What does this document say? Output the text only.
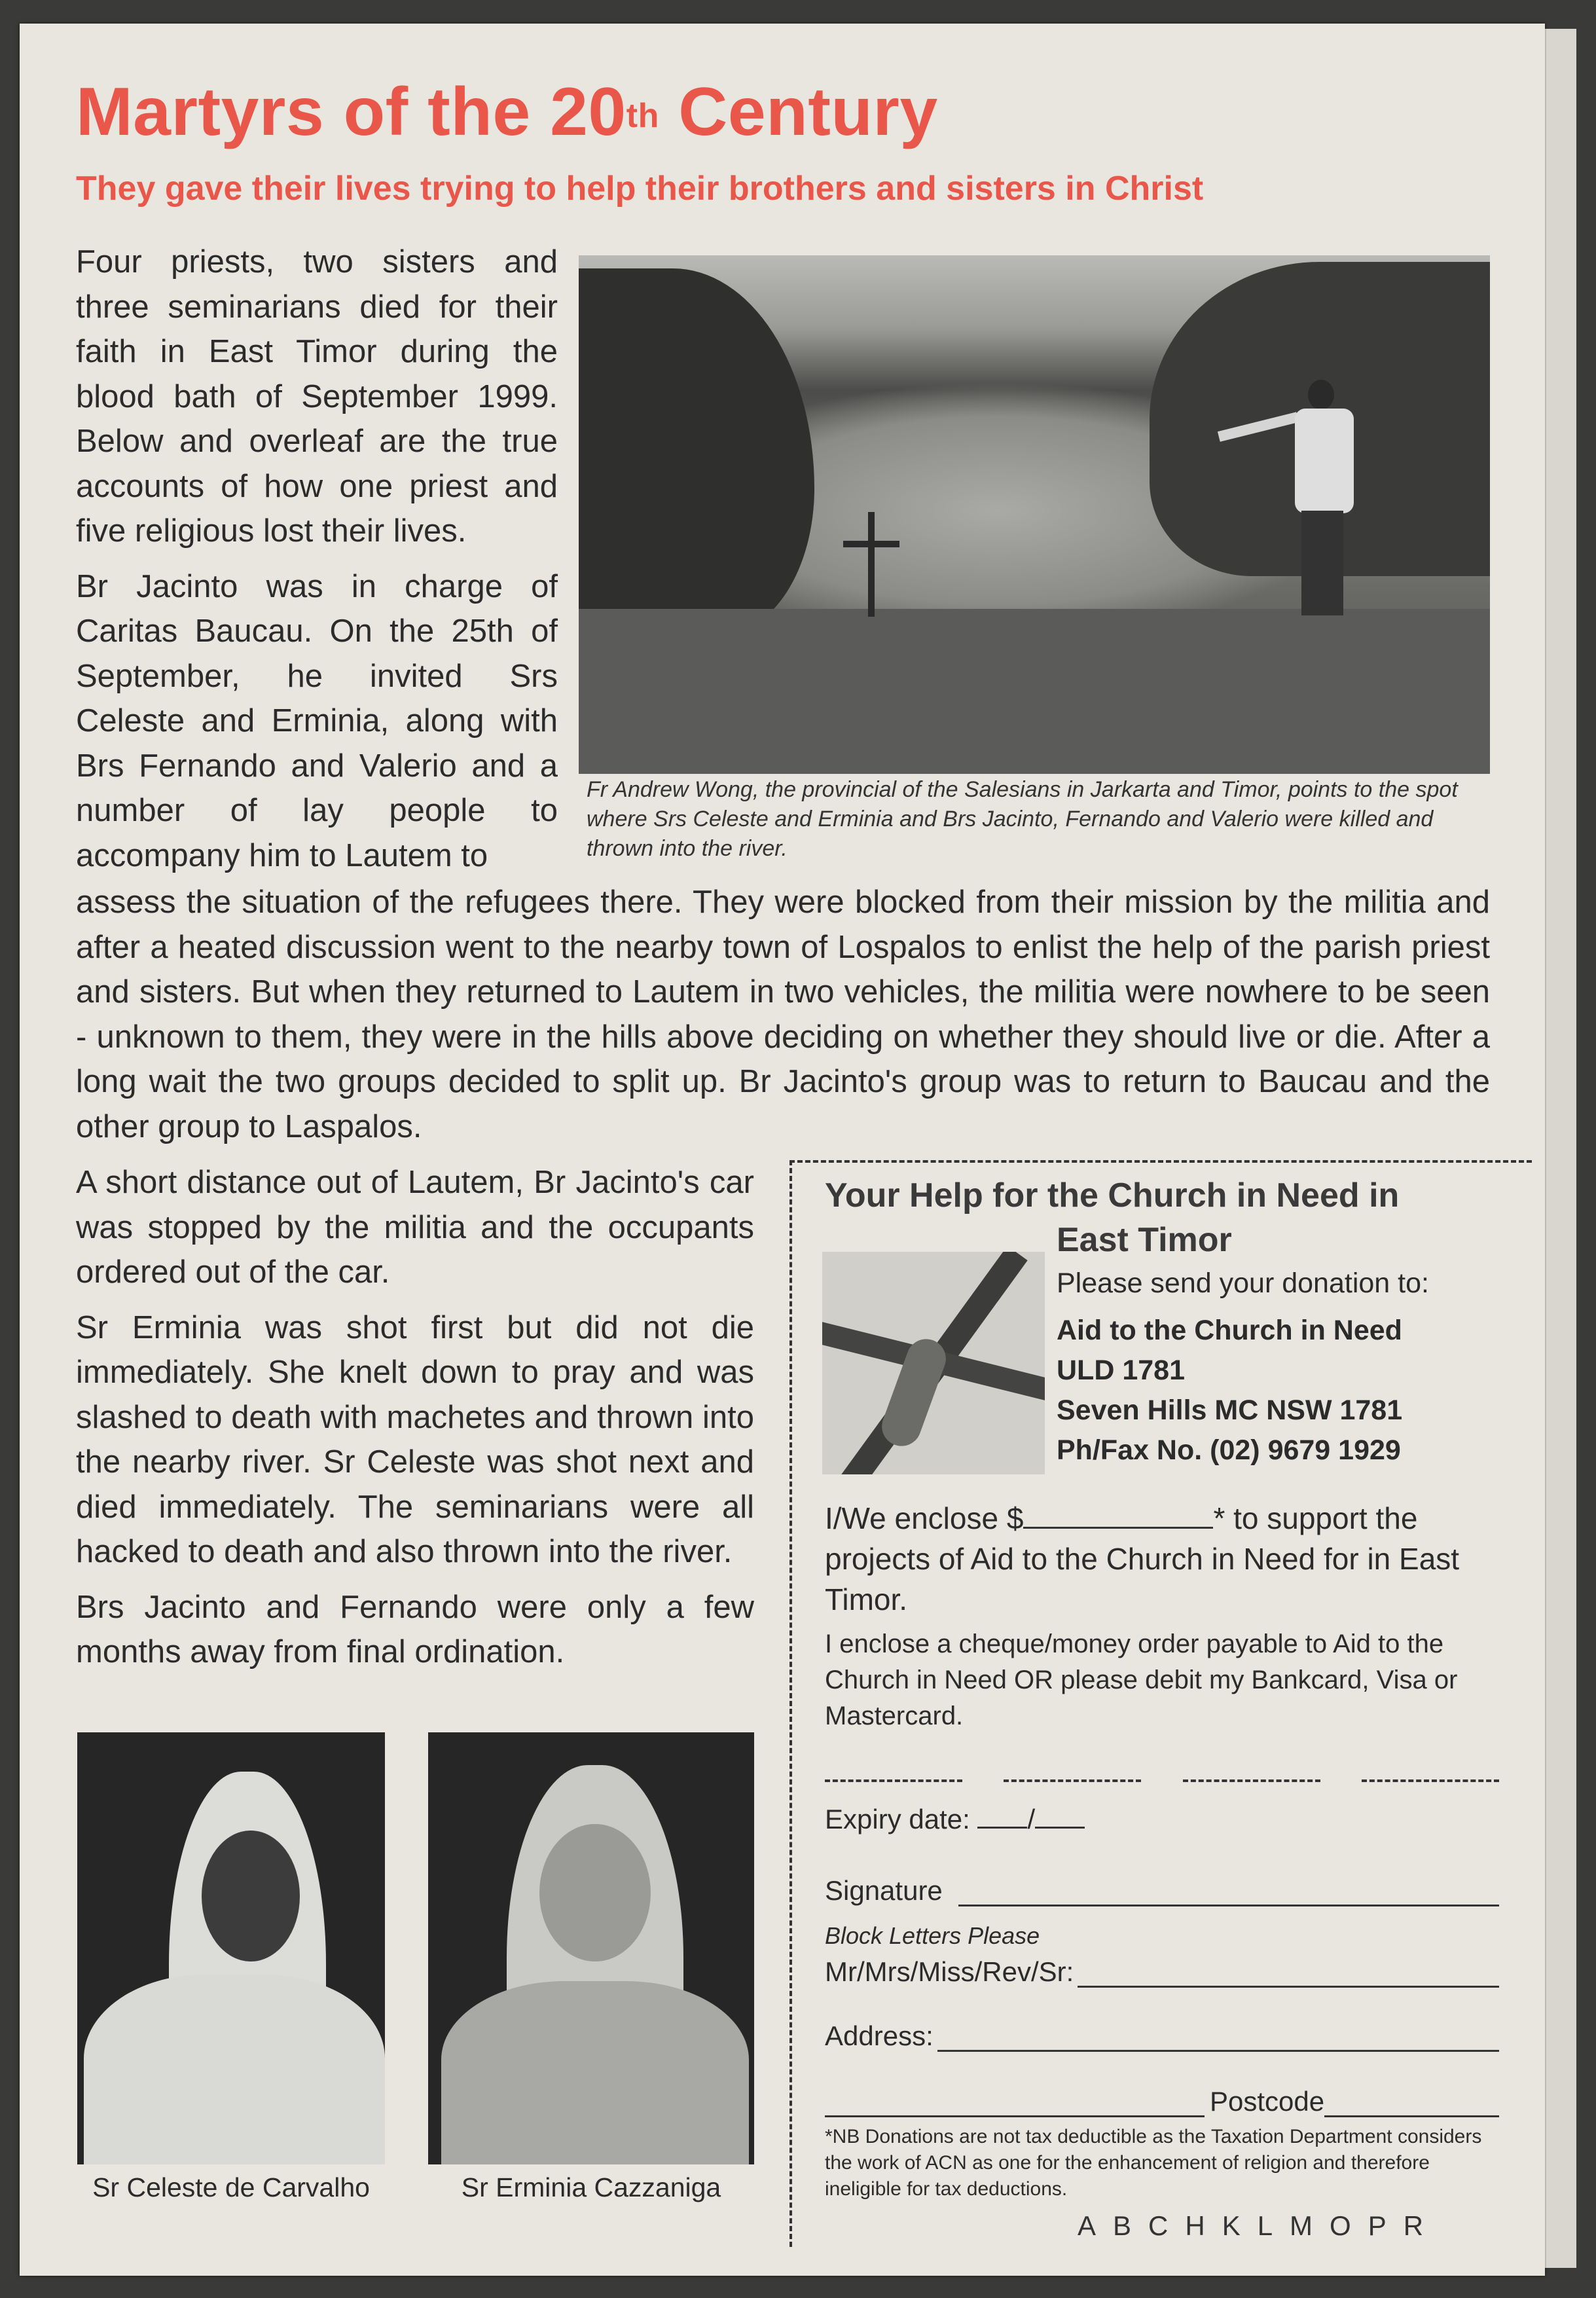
Martyrs of the 20th Century
They gave their lives trying to help their brothers and sisters in Christ

Four priests, two sisters and three seminarians died for their faith in East Timor during the blood bath of September 1999. Below and overleaf are the true accounts of how one priest and five religious lost their lives.

Br Jacinto was in charge of Caritas Baucau. On the 25th of September, he invited Srs Celeste and Erminia, along with Brs Fernando and Valerio and a number of lay people to accompany him to Lautem to

Fr Andrew Wong, the provincial of the Salesians in Jarkarta and Timor, points to the spot where Srs Celeste and Erminia and Brs Jacinto, Fernando and Valerio were killed and thrown into the river.

assess the situation of the refugees there. They were blocked from their mission by the militia and after a heated discussion went to the nearby town of Lospalos to enlist the help of the parish priest and sisters. But when they returned to Lautem in two vehicles, the militia were nowhere to be seen - unknown to them, they were in the hills above deciding on whether they should live or die. After a long wait the two groups decided to split up. Br Jacinto's group was to return to Baucau and the other group to Laspalos.

A short distance out of Lautem, Br Jacinto's car was stopped by the militia and the occupants ordered out of the car.

Sr Erminia was shot first but did not die immediately. She knelt down to pray and was slashed to death with machetes and thrown into the nearby river. Sr Celeste was shot next and died immediately. The seminarians were all hacked to death and also thrown into the river.

Brs Jacinto and Fernando were only a few months away from final ordination.

Sr Celeste de Carvalho	Sr Erminia Cazzaniga
Your Help for the Church in Need in
East Timor
Please send your donation to:
Aid to the Church in Need
ULD 1781
Seven Hills MC NSW 1781
Ph/Fax No. (02) 9679 1929
I/We enclose $	* to support the projects of Aid to the Church in Need for in East Timor.
I enclose a cheque/money order payable to Aid to the Church in Need OR please debit my Bankcard, Visa or Mastercard.
Expiry date: /
Signature
Block Letters Please
Mr/Mrs/Miss/Rev/Sr:
Address:
Postcode
*NB Donations are not tax deductible as the Taxation Department considers the work of ACN as one for the enhancement of religion and therefore ineligible for tax deductions.
ABCHKLMOPR
